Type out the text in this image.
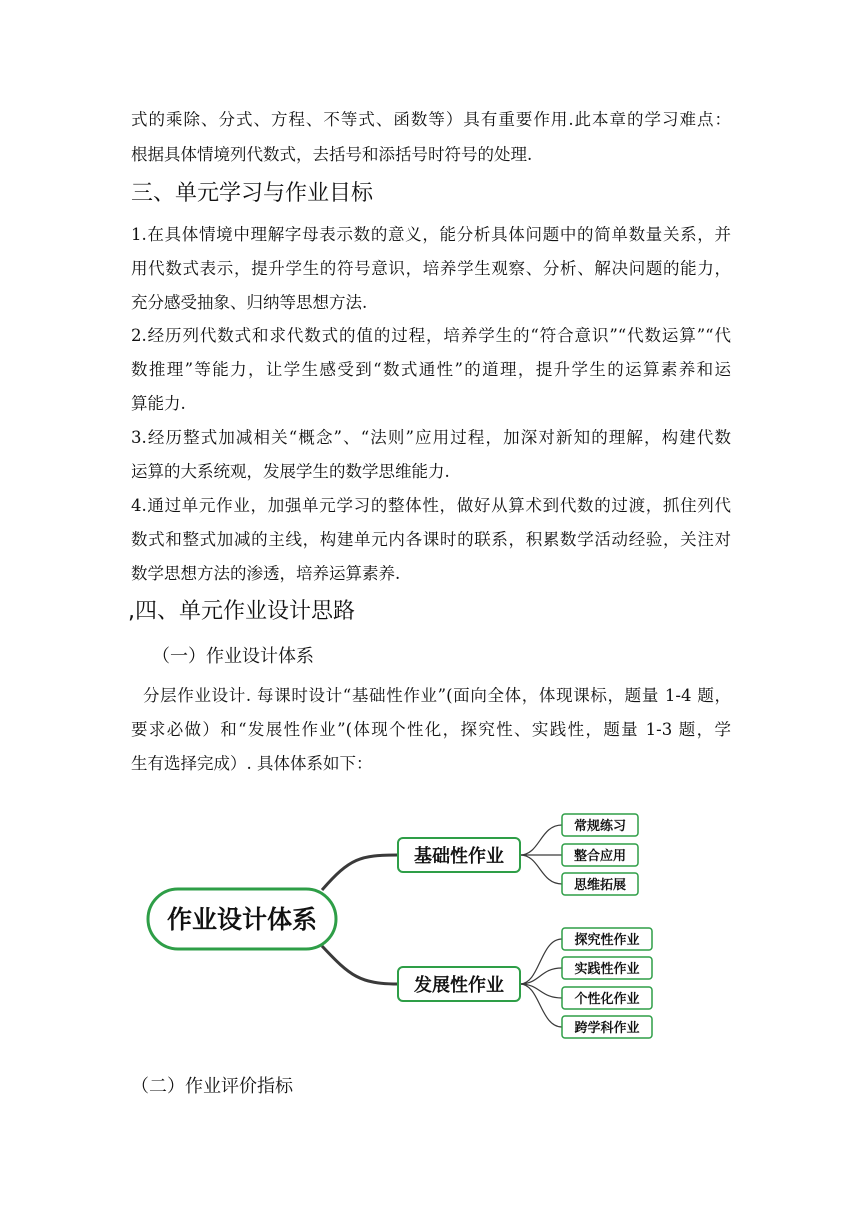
式的乘除、分式、方程、不等式、函数等）具有重要作用.此本章的学习难点：
根据具体情境列代数式，去括号和添括号时符号的处理.
三、单元学习与作业目标
1.在具体情境中理解字母表示数的意义，能分析具体问题中的简单数量关系，并
用代数式表示，提升学生的符号意识，培养学生观察、分析、解决问题的能力，
充分感受抽象、归纳等思想方法.
2.经历列代数式和求代数式的值的过程，培养学生的“符合意识”“代数运算”“代
数推理”等能力，让学生感受到“数式通性”的道理，提升学生的运算素养和运
算能力.
3.经历整式加减相关“概念”、“法则”应用过程，加深对新知的理解，构建代数
运算的大系统观，发展学生的数学思维能力.
4.通过单元作业，加强单元学习的整体性，做好从算术到代数的过渡，抓住列代
数式和整式加减的主线，构建单元内各课时的联系，积累数学活动经验，关注对
数学思想方法的渗透，培养运算素养.
,四、单元作业设计思路
（一）作业设计体系
分层作业设计. 每课时设计“基础性作业”(面向全体，体现课标，题量 1-4 题，
要求必做）和“发展性作业”(体现个性化，探究性、实践性，题量 1-3 题，学
生有选择完成）. 具体体系如下：
作业设计体系
基础性作业
发展性作业
常规练习
整合应用
思维拓展
探究性作业
实践性作业
个性化作业
跨学科作业
（二）作业评价指标
